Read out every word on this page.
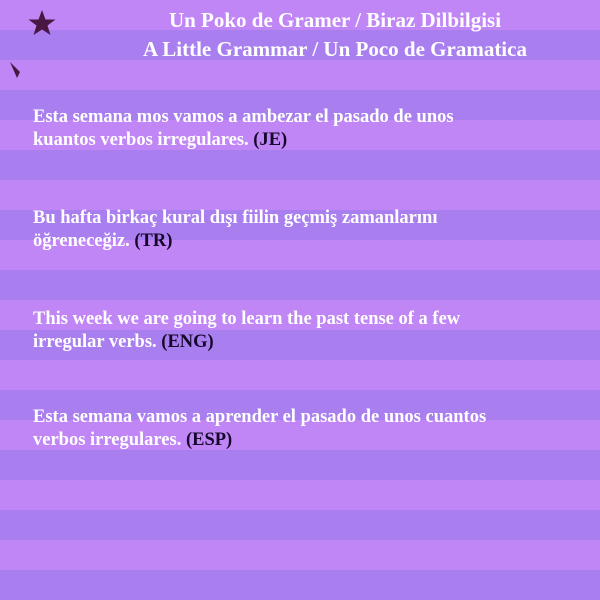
Un Poko de Gramer / Biraz Dilbilgisi
A Little Grammar / Un Poco de Gramatica
Esta semana mos vamos a ambezar el pasado de unos
kuantos verbos irregulares. (JE)
Bu hafta birkaç kural dışı fiilin geçmiş zamanlarını
öğreneceğiz. (TR)
This week we are going to learn the past tense of a few
irregular verbs. (ENG)
Esta semana vamos a aprender el pasado de unos cuantos
verbos irregulares. (ESP)
